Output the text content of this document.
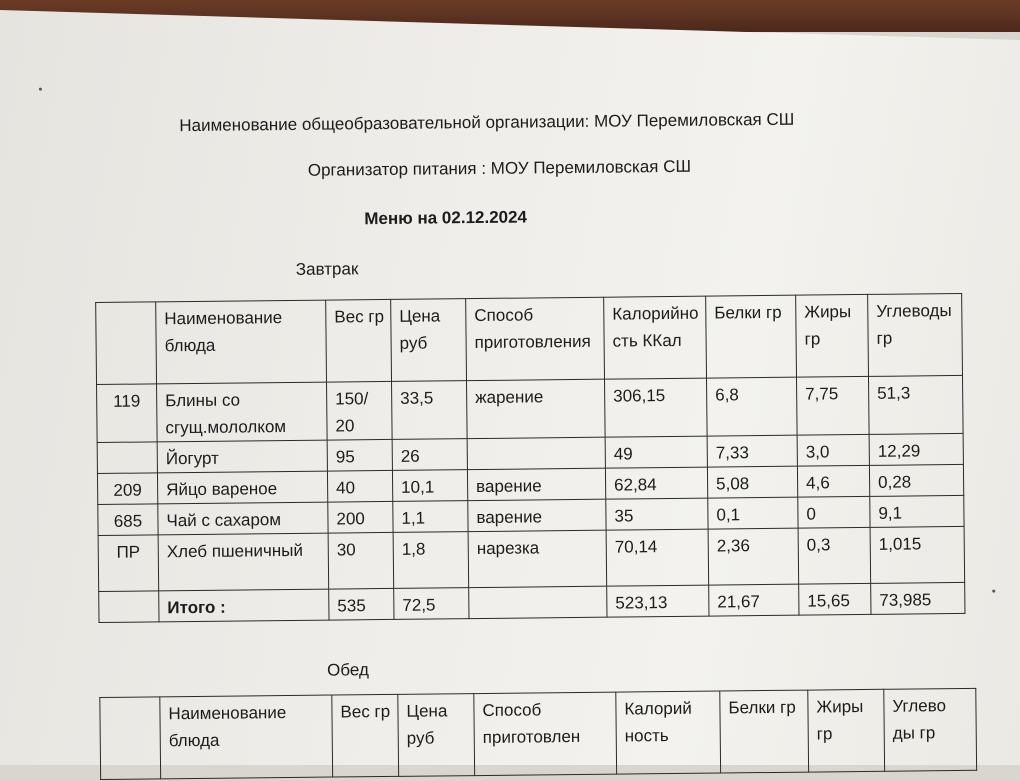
Наименование общеобразовательной организации: МОУ Перемиловская СШ
Организатор питания : МОУ Перемиловская СШ
Меню на 02.12.2024
Завтрак
	Наименование блюда	Вес гр	Цена руб	Способ приготовления	Калорийность ККал	Белки гр	Жиры гр	Углеводы гр
119	Блины со сгущ.мололком	150/ 20	33,5	жарение	306,15	6,8	7,75	51,3
	Йогурт	95	26		49	7,33	3,0	12,29
209	Яйцо вареное	40	10,1	варение	62,84	5,08	4,6	0,28
685	Чай с сахаром	200	1,1	варение	35	0,1	0	9,1
ПР	Хлеб пшеничный	30	1,8	нарезка	70,14	2,36	0,3	1,015
	Итого :	535	72,5		523,13	21,67	15,65	73,985
Обед
	Наименование блюда	Вес гр	Цена руб	Способ приготовлен	Калорий ность	Белки гр	Жиры гр	Углево ды гр
